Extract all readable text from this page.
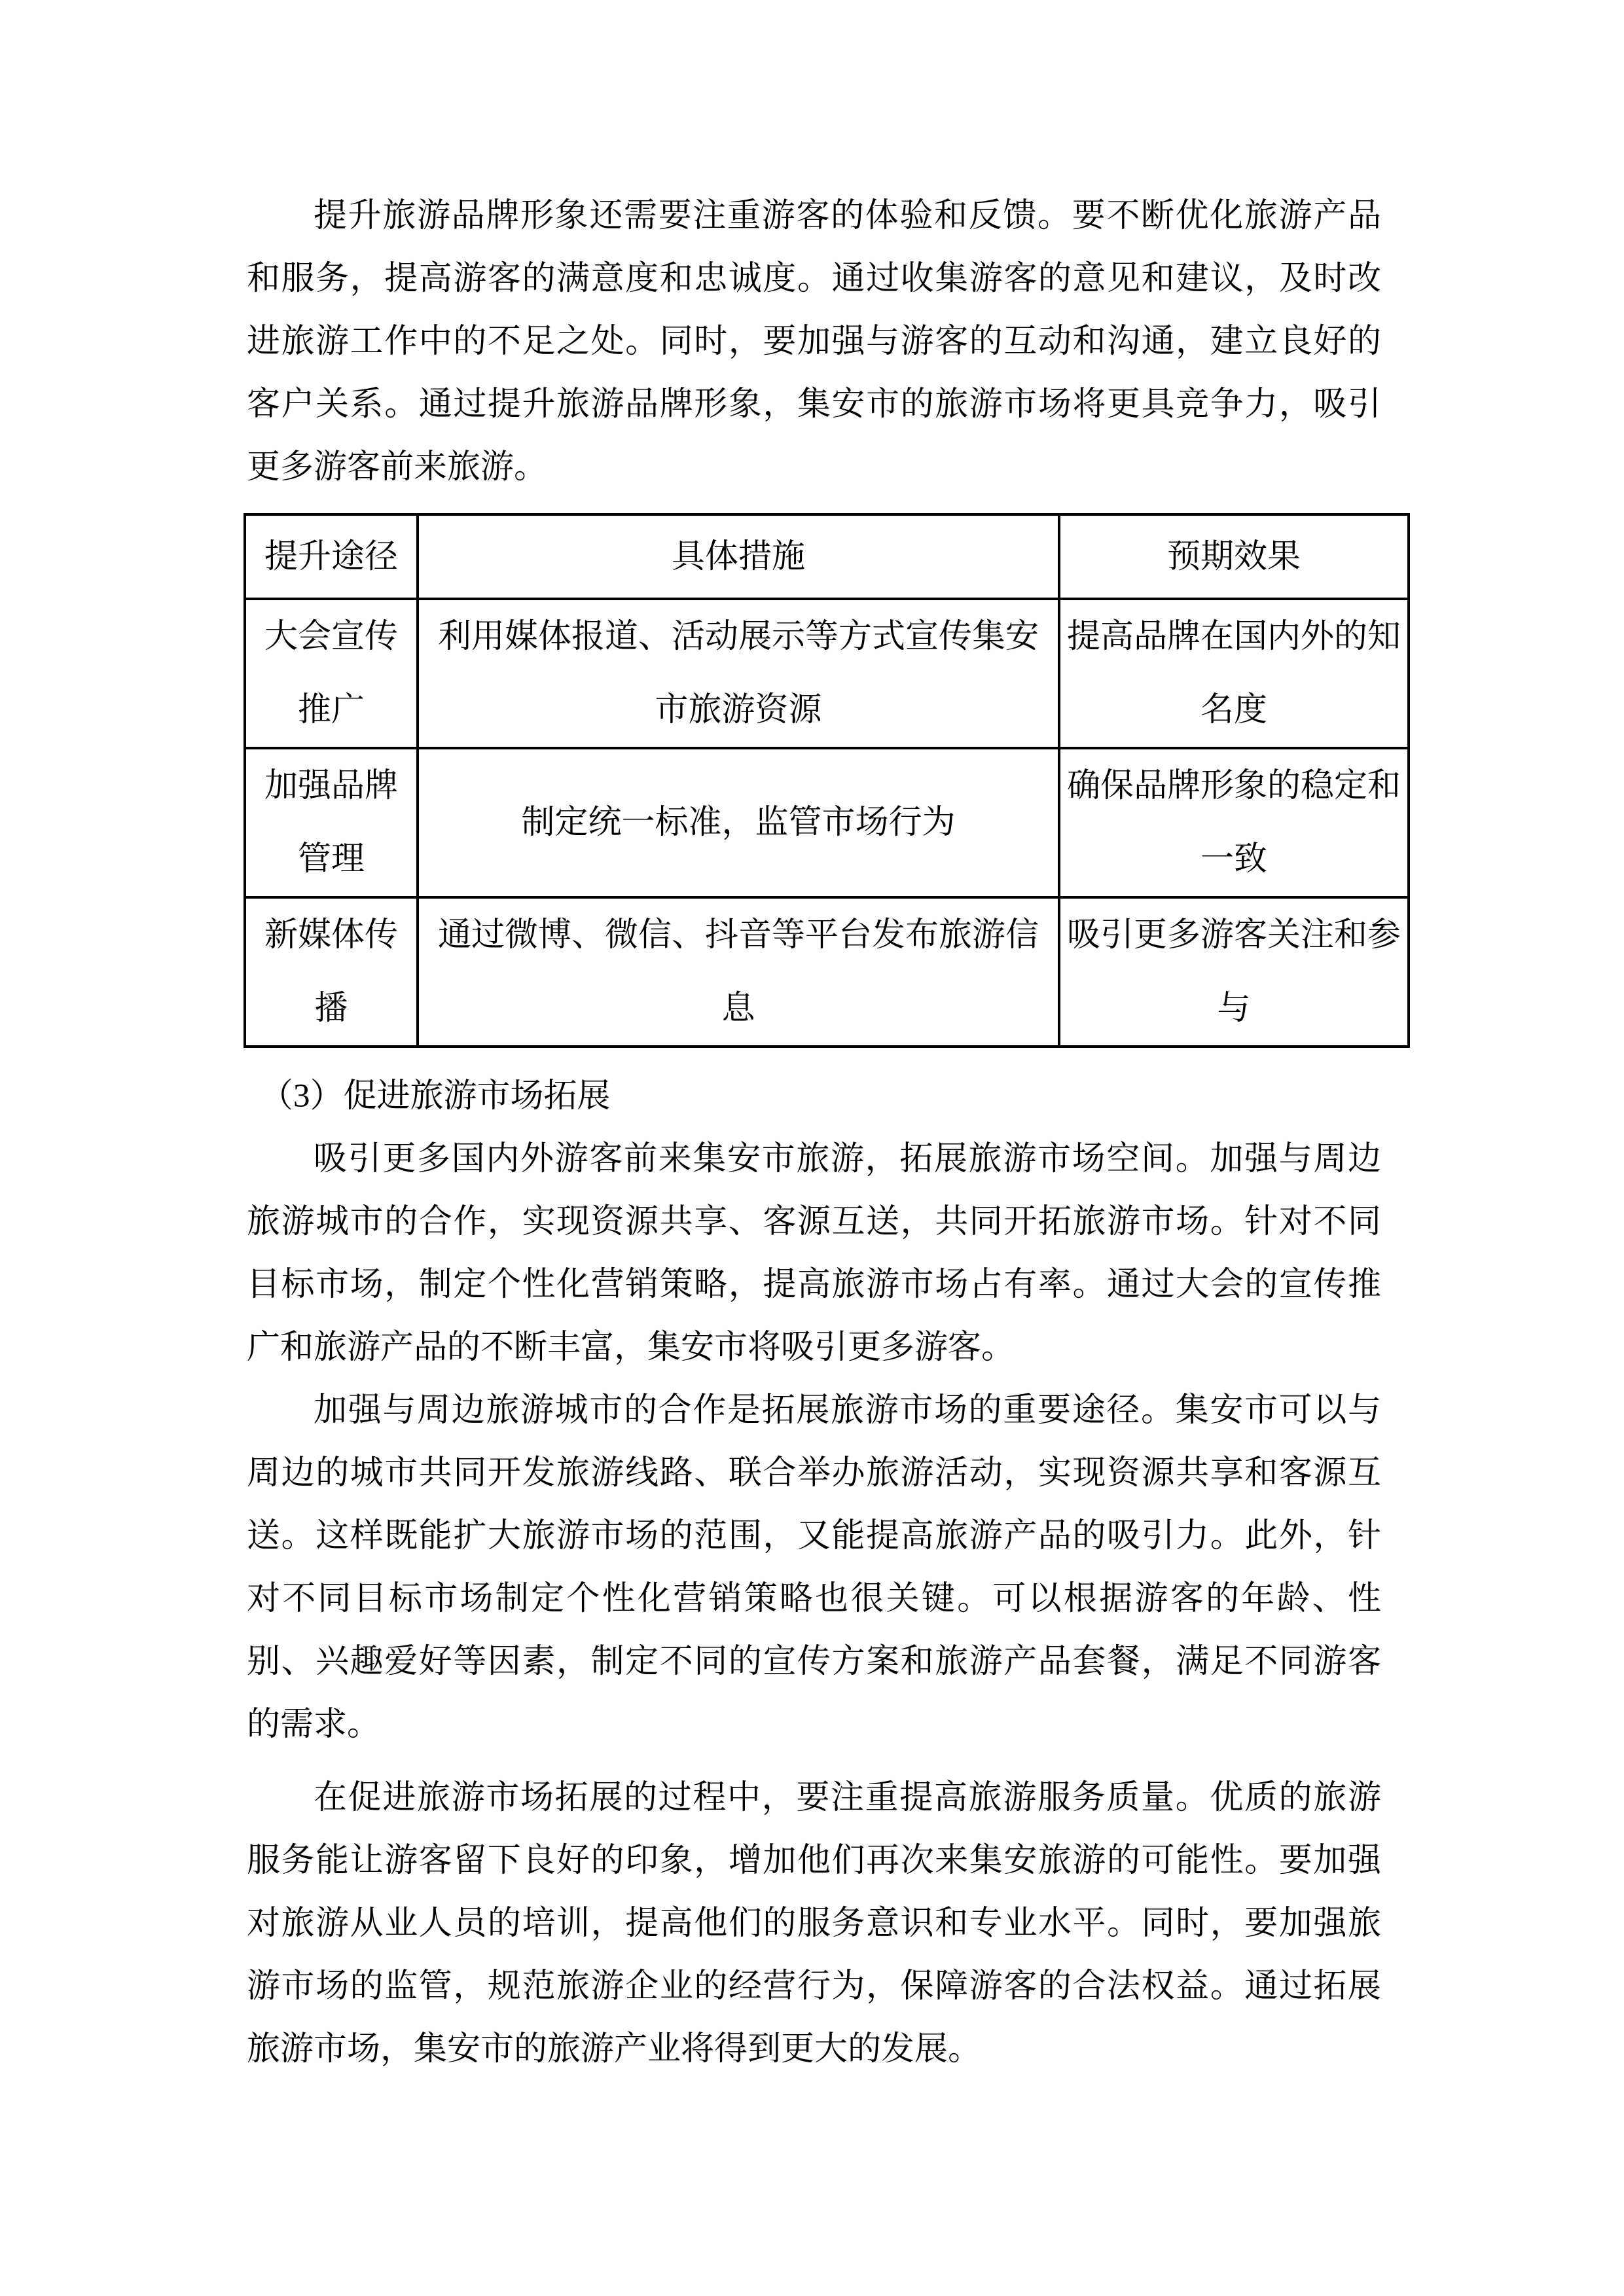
提升旅游品牌形象还需要注重游客的体验和反馈。要不断优化旅游产品和服务，提高游客的满意度和忠诚度。通过收集游客的意见和建议，及时改进旅游工作中的不足之处。同时，要加强与游客的互动和沟通，建立良好的客户关系。通过提升旅游品牌形象，集安市的旅游市场将更具竞争力，吸引更多游客前来旅游。

提升途径	具体措施	预期效果
大会宣传推广	利用媒体报道、活动展示等方式宣传集安市旅游资源	提高品牌在国内外的知名度
加强品牌管理	制定统一标准，监管市场行为	确保品牌形象的稳定和一致
新媒体传播	通过微博、微信、抖音等平台发布旅游信息	吸引更多游客关注和参与

（3）促进旅游市场拓展

吸引更多国内外游客前来集安市旅游，拓展旅游市场空间。加强与周边旅游城市的合作，实现资源共享、客源互送，共同开拓旅游市场。针对不同目标市场，制定个性化营销策略，提高旅游市场占有率。通过大会的宣传推广和旅游产品的不断丰富，集安市将吸引更多游客。

加强与周边旅游城市的合作是拓展旅游市场的重要途径。集安市可以与周边的城市共同开发旅游线路、联合举办旅游活动，实现资源共享和客源互送。这样既能扩大旅游市场的范围，又能提高旅游产品的吸引力。此外，针对不同目标市场制定个性化营销策略也很关键。可以根据游客的年龄、性别、兴趣爱好等因素，制定不同的宣传方案和旅游产品套餐，满足不同游客的需求。

在促进旅游市场拓展的过程中，要注重提高旅游服务质量。优质的旅游服务能让游客留下良好的印象，增加他们再次来集安旅游的可能性。要加强对旅游从业人员的培训，提高他们的服务意识和专业水平。同时，要加强旅游市场的监管，规范旅游企业的经营行为，保障游客的合法权益。通过拓展旅游市场，集安市的旅游产业将得到更大的发展。
